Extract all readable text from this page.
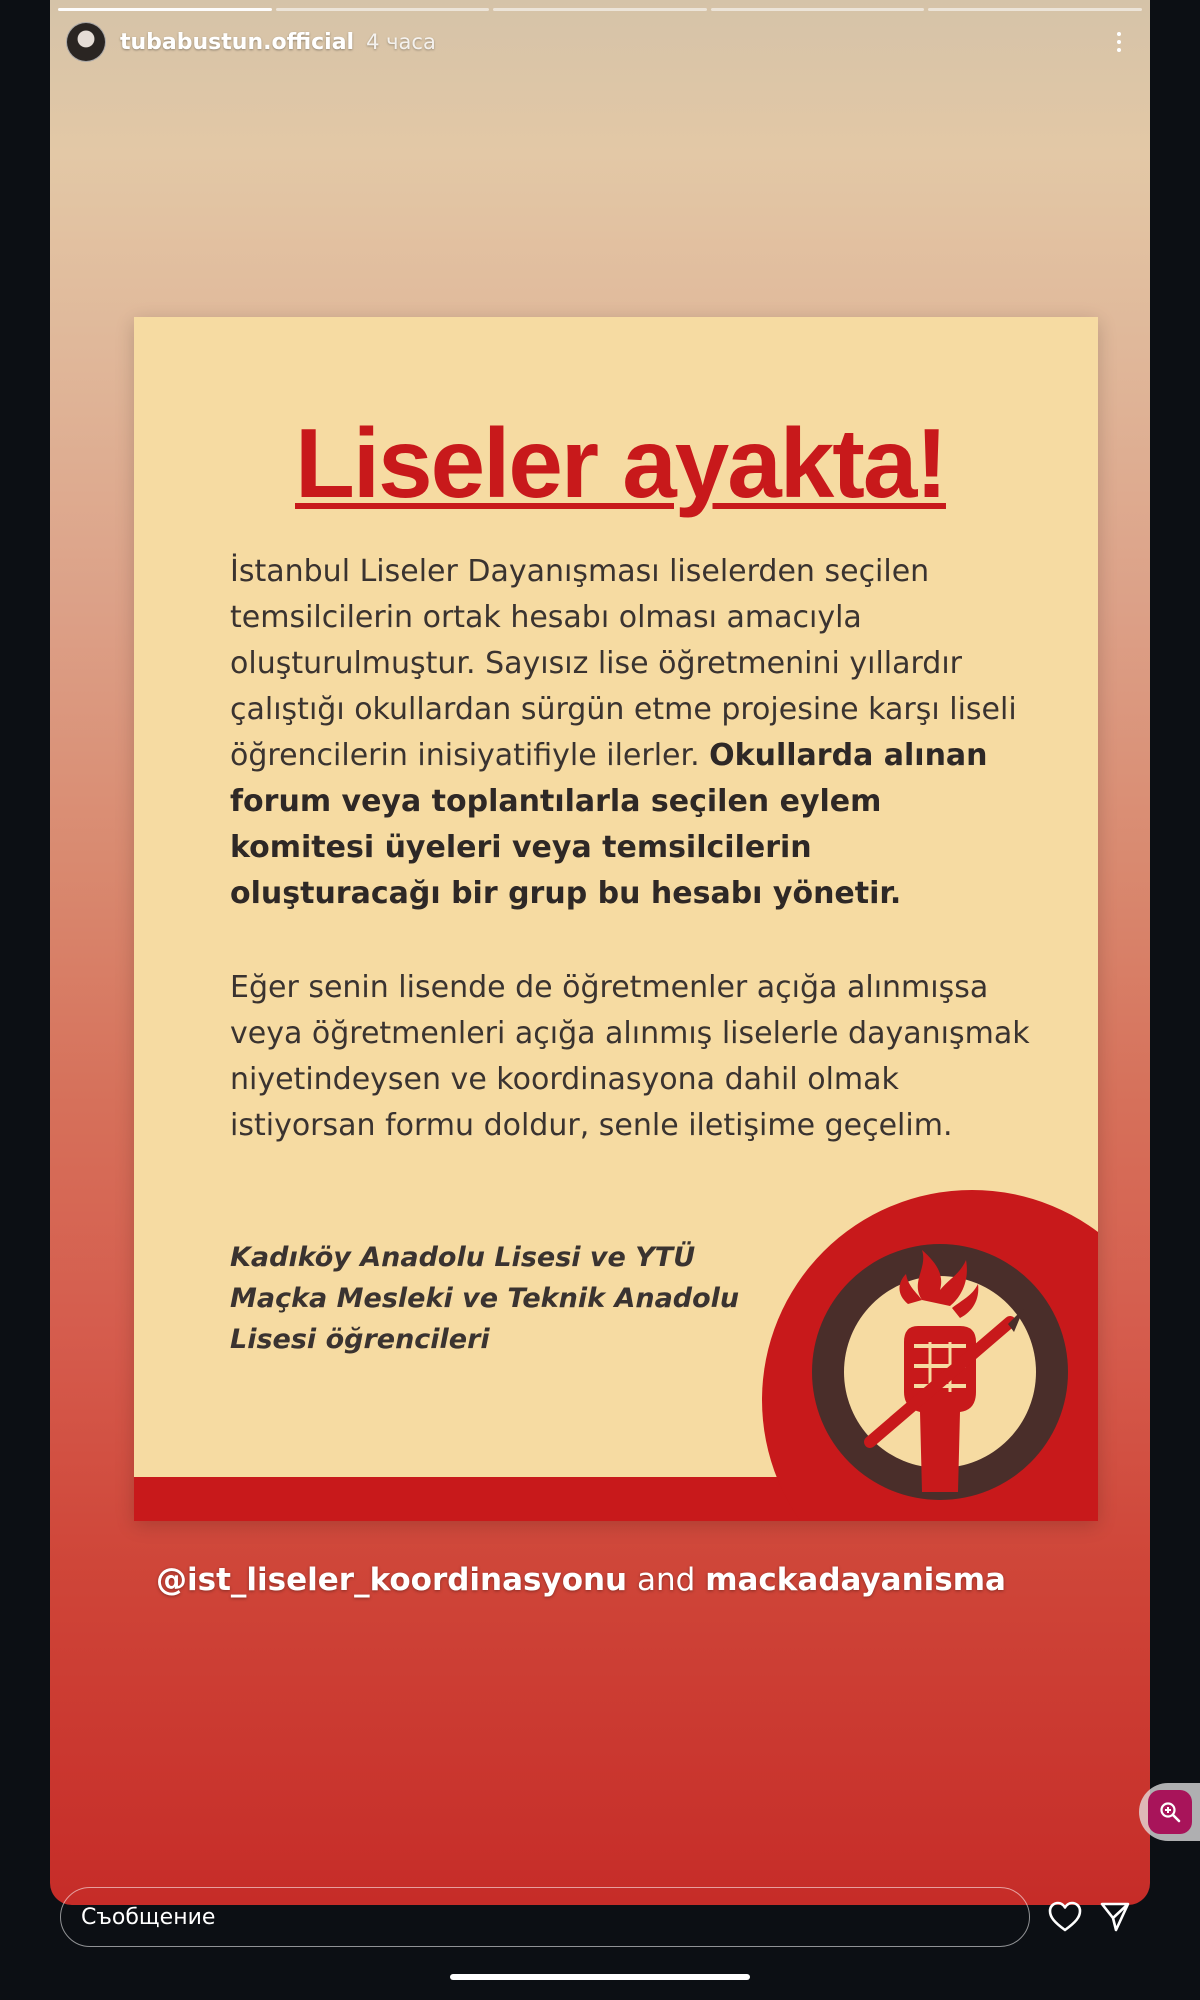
tubabustun.official 4 часа
Liseler ayakta!
İstanbul Liseler Dayanışması liselerden seçilen temsilcilerin ortak hesabı olması amacıyla oluşturulmuştur. Sayısız lise öğretmenini yıllardır çalıştığı okullardan sürgün etme projesine karşı liseli öğrencilerin inisiyatifiyle ilerler. Okullarda alınan forum veya toplantılarla seçilen eylem komitesi üyeleri veya temsilcilerin oluşturacağı bir grup bu hesabı yönetir.
Eğer senin lisende de öğretmenler açığa alınmışsa veya öğretmenleri açığa alınmış liselerle dayanışmak niyetindeysen ve koordinasyona dahil olmak istiyorsan formu doldur, senle iletişime geçelim.
Kadıköy Anadolu Lisesi ve YTÜ
Maçka Mesleki ve Teknik Anadolu
Lisesi öğrencileri
@ist_liseler_koordinasyonu and mackadayanisma
Съобщение
